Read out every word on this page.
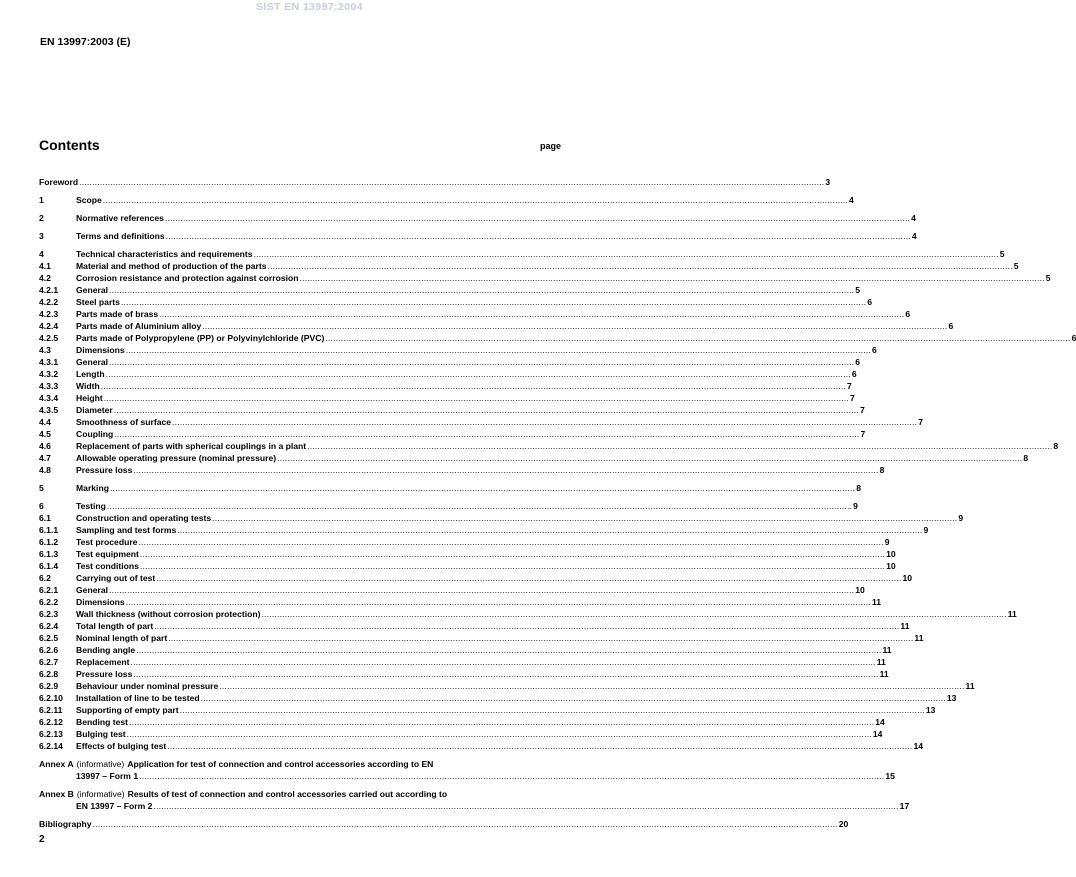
SIST EN 13997:2004
EN 13997:2003 (E)
Contents	page
Foreword .....	3
1	Scope .....	4
2	Normative references .....	4
3	Terms and definitions .....	4
4	Technical characteristics and requirements .....	5
4.1	Material and method of production of the parts .....	5
4.2	Corrosion resistance and protection against corrosion .....	5
4.2.1	General .....	5
4.2.2	Steel parts .....	6
4.2.3	Parts made of brass .....	6
4.2.4	Parts made of Aluminium alloy .....	6
4.2.5	Parts made of Polypropylene (PP) or Polyvinylchloride (PVC) .....	6
4.3	Dimensions .....	6
4.3.1	General .....	6
4.3.2	Length .....	6
4.3.3	Width .....	7
4.3.4	Height .....	7
4.3.5	Diameter .....	7
4.4	Smoothness of surface .....	7
4.5	Coupling .....	7
4.6	Replacement of parts with spherical couplings in a plant .....	8
4.7	Allowable operating pressure (nominal pressure) .....	8
4.8	Pressure loss .....	8
5	Marking .....	8
6	Testing .....	9
6.1	Construction and operating tests .....	9
6.1.1	Sampling and test forms .....	9
6.1.2	Test procedure .....	9
6.1.3	Test equipment .....	10
6.1.4	Test conditions .....	10
6.2	Carrying out of test .....	10
6.2.1	General .....	10
6.2.2	Dimensions .....	11
6.2.3	Wall thickness (without corrosion protection) .....	11
6.2.4	Total length of part .....	11
6.2.5	Nominal length of part .....	11
6.2.6	Bending angle .....	11
6.2.7	Replacement .....	11
6.2.8	Pressure loss .....	11
6.2.9	Behaviour under nominal pressure .....	11
6.2.10	Installation of line to be tested .....	13
6.2.11	Supporting of empty part .....	13
6.2.12	Bending test .....	14
6.2.13	Bulging test .....	14
6.2.14	Effects of bulging test .....	14
Annex A (informative) Application for test of connection and control accessories according to EN
13997 – Form 1 .....	15
Annex B (informative) Results of test of connection and control accessories carried out according to
EN 13997 – Form 2 .....	17
Bibliography .....	20
2
